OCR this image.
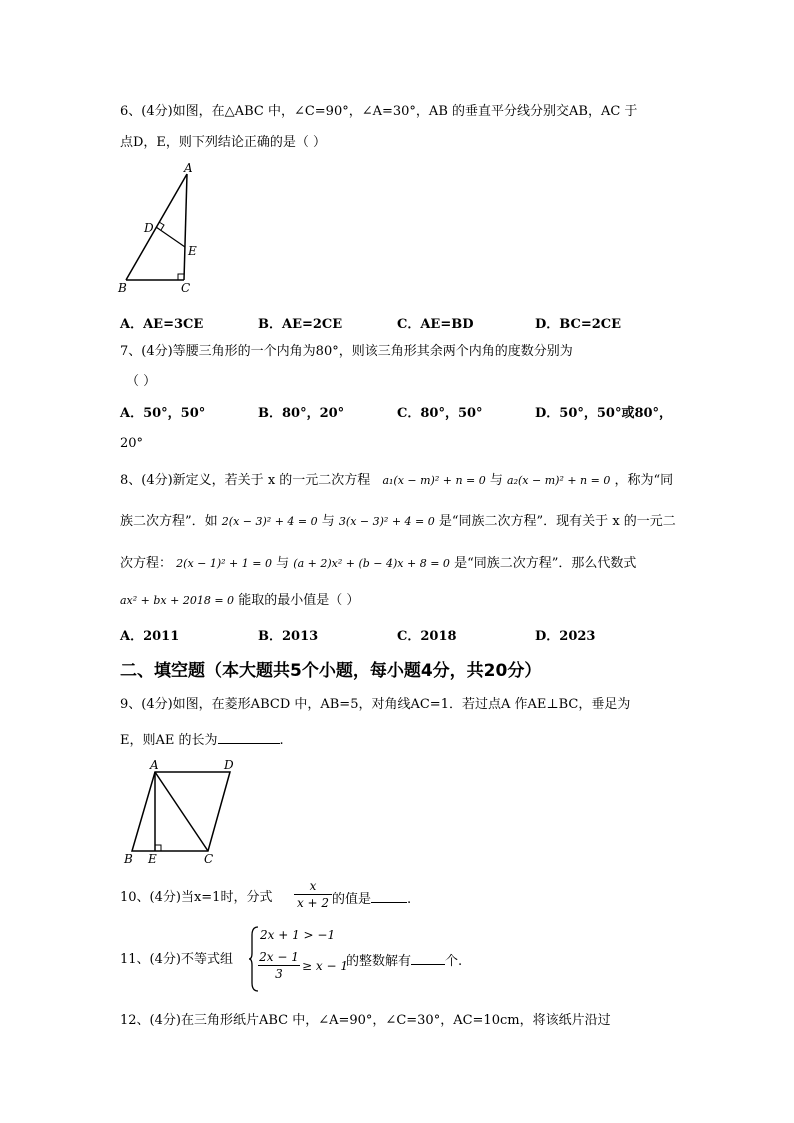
6、(4分)如图，在△ABC 中，∠C=90°，∠A=30°，AB 的垂直平分线分别交AB，AC 于
点D，E，则下列结论正确的是（ ）
A
B	C
D
E
A．AE=3CE	B．AE=2CE	C．AE=BD	D．BC=2CE
7、(4分)等腰三角形的一个内角为80°，则该三角形其余两个内角的度数分别为
（ ）
A．50°，50°	B．80°，20°	C．80°，50°	D．50°，50°或80°，
20°
8、(4分)新定义，若关于 x 的一元二次方程 a₁(x − m)² + n = 0 与 a₂(x − m)² + n = 0 ，称为“同
族二次方程”．如 2(x − 3)² + 4 = 0 与 3(x − 3)² + 4 = 0 是“同族二次方程”．现有关于 x 的一元二
次方程： 2(x − 1)² + 1 = 0 与 (a + 2)x² + (b − 4)x + 8 = 0 是“同族二次方程”．那么代数式
ax² + bx + 2018 = 0 能取的最小值是（ ）
A．2011	B．2013	C．2018	D．2023
二、填空题（本大题共5个小题，每小题4分，共20分）
9、(4分)如图，在菱形ABCD 中，AB=5，对角线AC=1．若过点A 作AE⊥BC，垂足为
E，则AE 的长为	.
A	D
B E	C
10、(4分)当x=1时，分式
x
x + 2 的值是	.
11、(4分)不等式组
2x + 1 > −1
2x − 1
3
≥ x − 1
的整数解有	个.
12、(4分)在三角形纸片ABC 中，∠A=90°，∠C=30°，AC=10cm，将该纸片沿过
